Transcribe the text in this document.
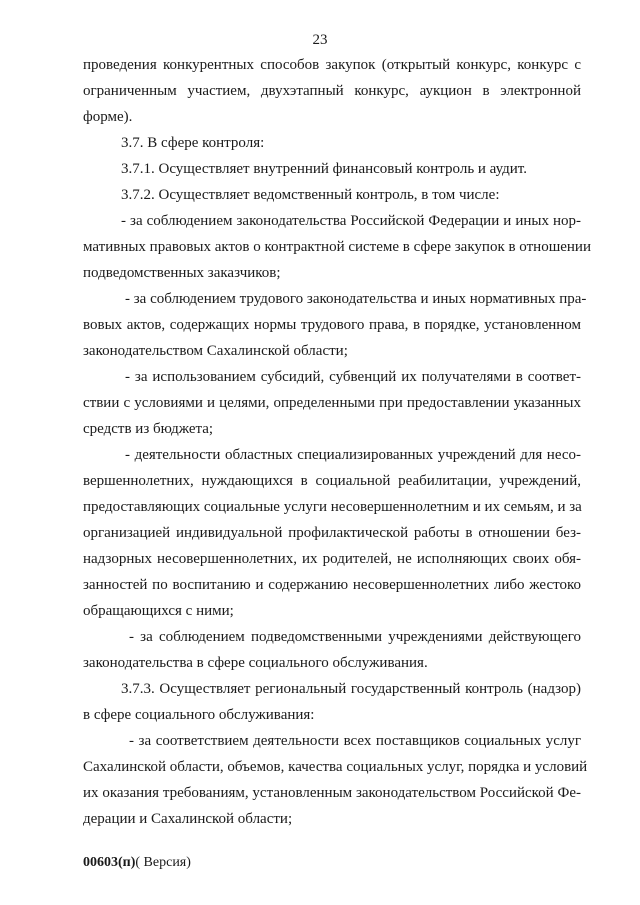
23
проведения конкурентных способов закупок (открытый конкурс, конкурс с
ограниченным участием, двухэтапный конкурс, аукцион в электронной
форме).
3.7. В сфере контроля:
3.7.1. Осуществляет внутренний финансовый контроль и аудит.
3.7.2. Осуществляет ведомственный контроль, в том числе:
- за соблюдением законодательства Российской Федерации и иных нор-
мативных правовых актов о контрактной системе в сфере закупок в отношении
подведомственных заказчиков;
- за соблюдением трудового законодательства и иных нормативных пра-
вовых актов, содержащих нормы трудового права, в порядке, установленном
законодательством Сахалинской области;
- за использованием субсидий, субвенций их получателями в соответ-
ствии с условиями и целями, определенными при предоставлении указанных
средств из бюджета;
- деятельности областных специализированных учреждений для несо-
вершеннолетних, нуждающихся в социальной реабилитации, учреждений,
предоставляющих социальные услуги несовершеннолетним и их семьям, и за
организацией индивидуальной профилактической работы в отношении без-
надзорных несовершеннолетних, их родителей, не исполняющих своих обя-
занностей по воспитанию и содержанию несовершеннолетних либо жестоко
обращающихся с ними;
- за соблюдением подведомственными учреждениями действующего
законодательства в сфере социального обслуживания.
3.7.3. Осуществляет региональный государственный контроль (надзор)
в сфере социального обслуживания:
- за соответствием деятельности всех поставщиков социальных услуг
Сахалинской области, объемов, качества социальных услуг, порядка и условий
их оказания требованиям, установленным законодательством Российской Фе-
дерации и Сахалинской области;
00603(п)( Версия)
